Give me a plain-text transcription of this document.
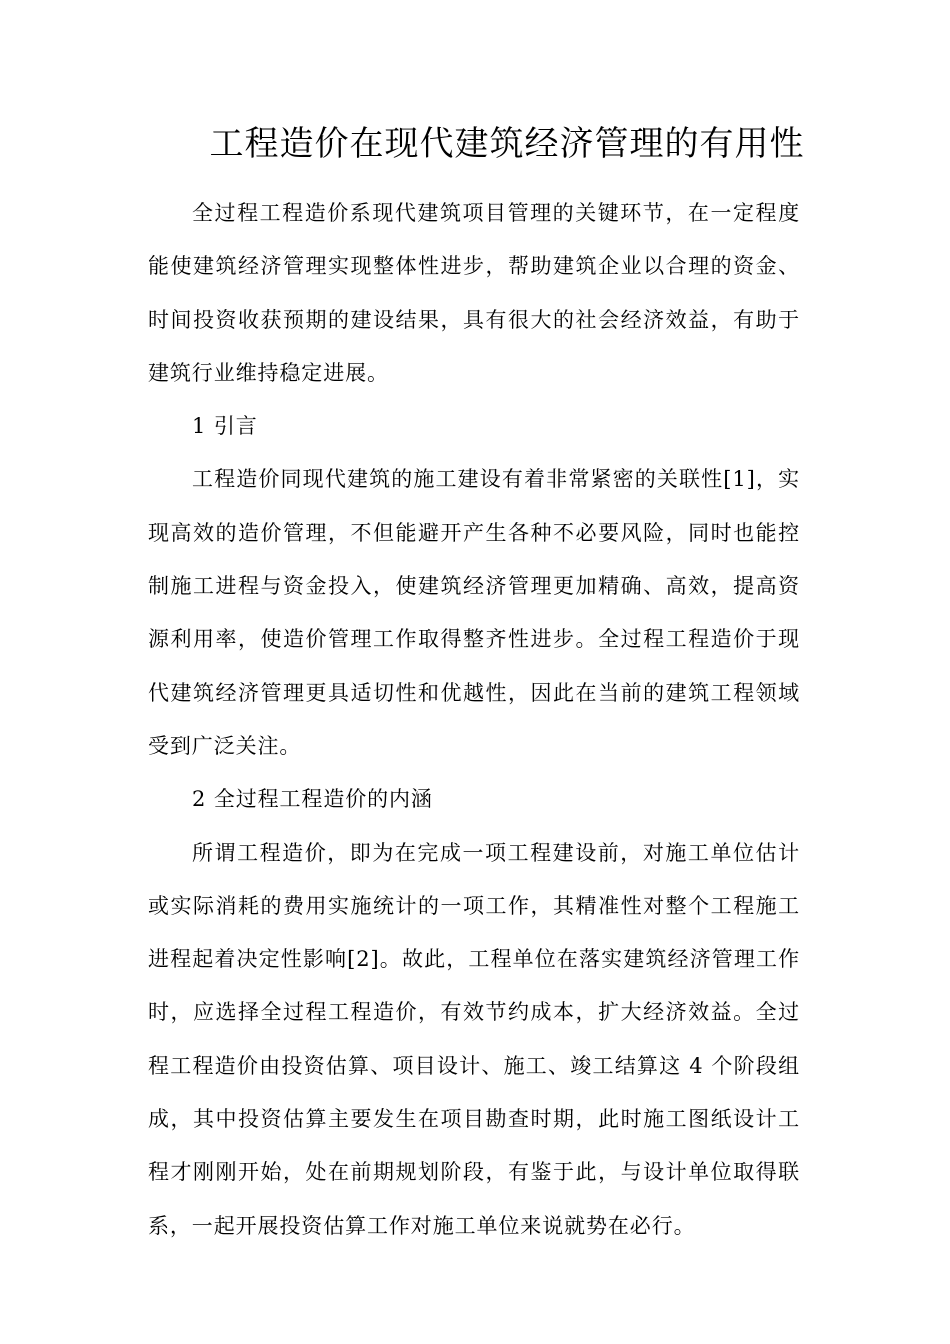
工程造价在现代建筑经济管理的有用性

全过程工程造价系现代建筑项目管理的关键环节，在一定程度能使建筑经济管理实现整体性进步，帮助建筑企业以合理的资金、时间投资收获预期的建设结果，具有很大的社会经济效益，有助于建筑行业维持稳定进展。

1 引言

工程造价同现代建筑的施工建设有着非常紧密的关联性[1]，实现高效的造价管理，不但能避开产生各种不必要风险，同时也能控制施工进程与资金投入，使建筑经济管理更加精确、高效，提高资源利用率，使造价管理工作取得整齐性进步。全过程工程造价于现代建筑经济管理更具适切性和优越性，因此在当前的建筑工程领域受到广泛关注。

2 全过程工程造价的内涵

所谓工程造价，即为在完成一项工程建设前，对施工单位估计或实际消耗的费用实施统计的一项工作，其精准性对整个工程施工进程起着决定性影响[2]。故此，工程单位在落实建筑经济管理工作时，应选择全过程工程造价，有效节约成本，扩大经济效益。全过程工程造价由投资估算、项目设计、施工、竣工结算这 4 个阶段组成，其中投资估算主要发生在项目勘查时期，此时施工图纸设计工程才刚刚开始，处在前期规划阶段，有鉴于此，与设计单位取得联系，一起开展投资估算工作对施工单位来说就势在必行。
